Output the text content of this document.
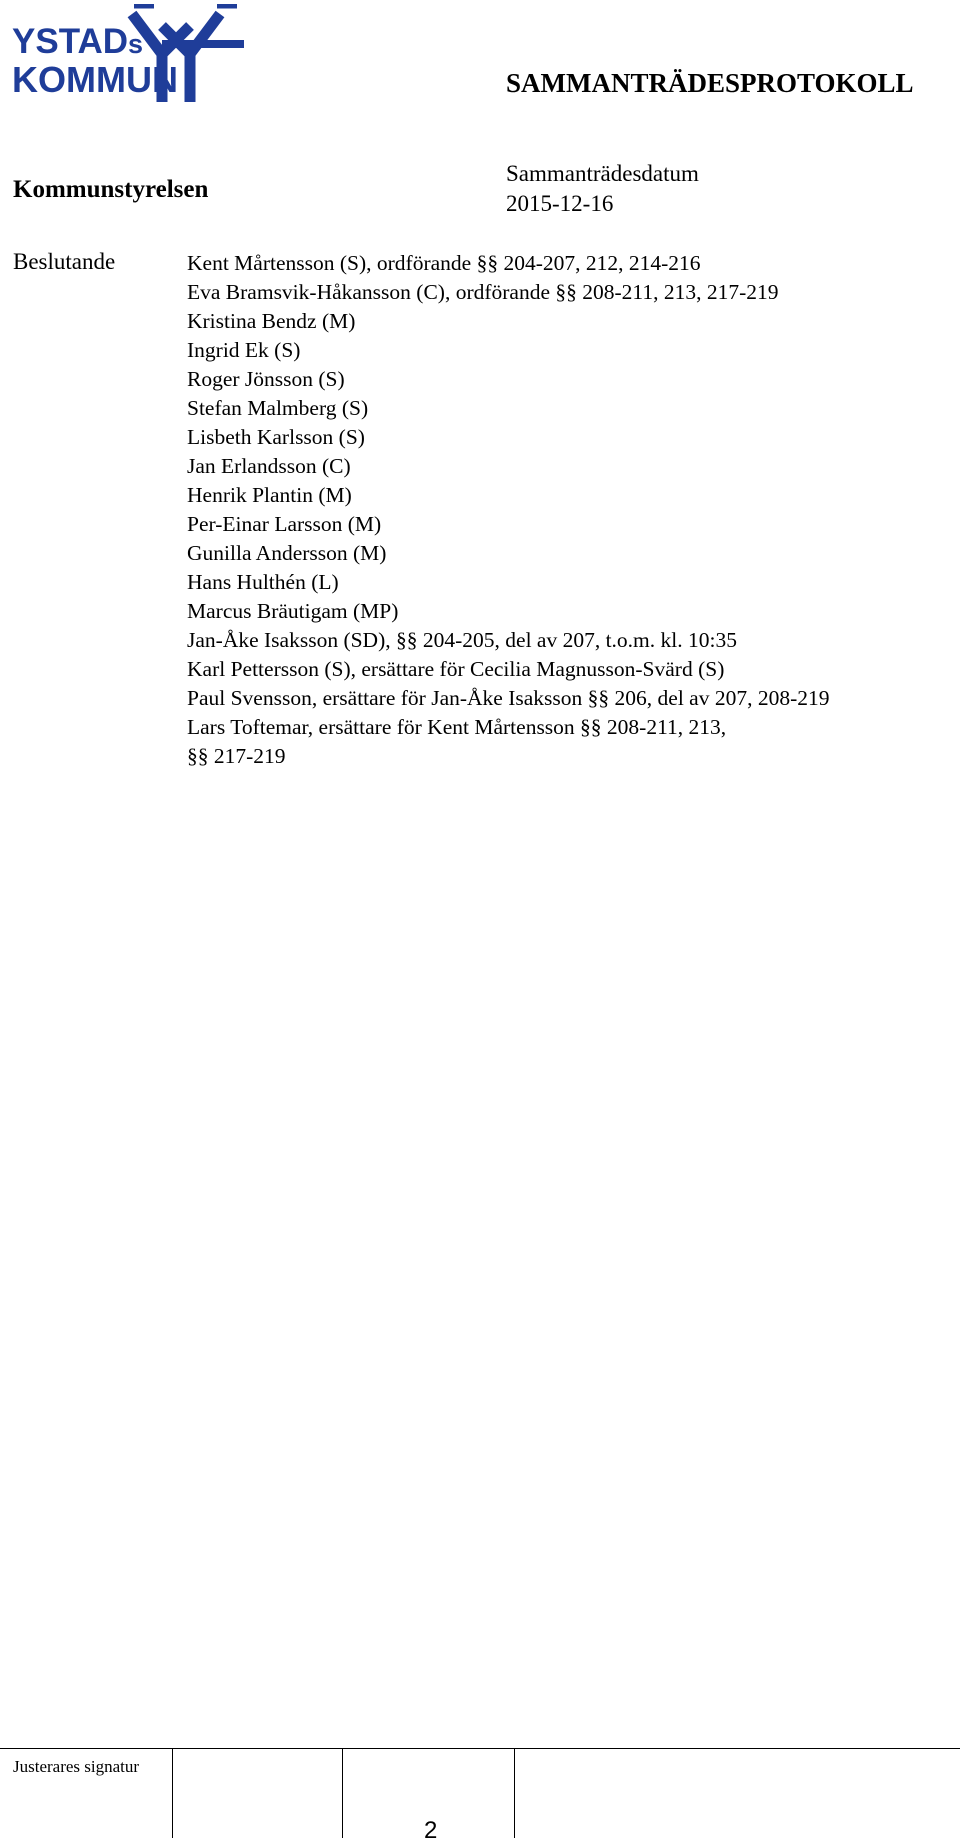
YSTADs
KOMMUN	SAMMANTRÄDESPROTOKOLL
Kommunstyrelsen
Sammanträdesdatum
2015-12-16
Beslutande	Kent Mårtensson (S), ordförande §§ 204-207, 212, 214-216
Eva Bramsvik-Håkansson (C), ordförande §§ 208-211, 213, 217-219
Kristina Bendz (M)
Ingrid Ek (S)
Roger Jönsson (S)
Stefan Malmberg (S)
Lisbeth Karlsson (S)
Jan Erlandsson (C)
Henrik Plantin (M)
Per-Einar Larsson (M)
Gunilla Andersson (M)
Hans Hulthén (L)
Marcus Bräutigam (MP)
Jan-Åke Isaksson (SD), §§ 204-205, del av 207, t.o.m. kl. 10:35
Karl Pettersson (S), ersättare för Cecilia Magnusson-Svärd (S)
Paul Svensson, ersättare för Jan-Åke Isaksson §§ 206, del av 207, 208-219
Lars Toftemar, ersättare för Kent Mårtensson §§ 208-211, 213,
§§ 217-219
Justerares signatur
2
